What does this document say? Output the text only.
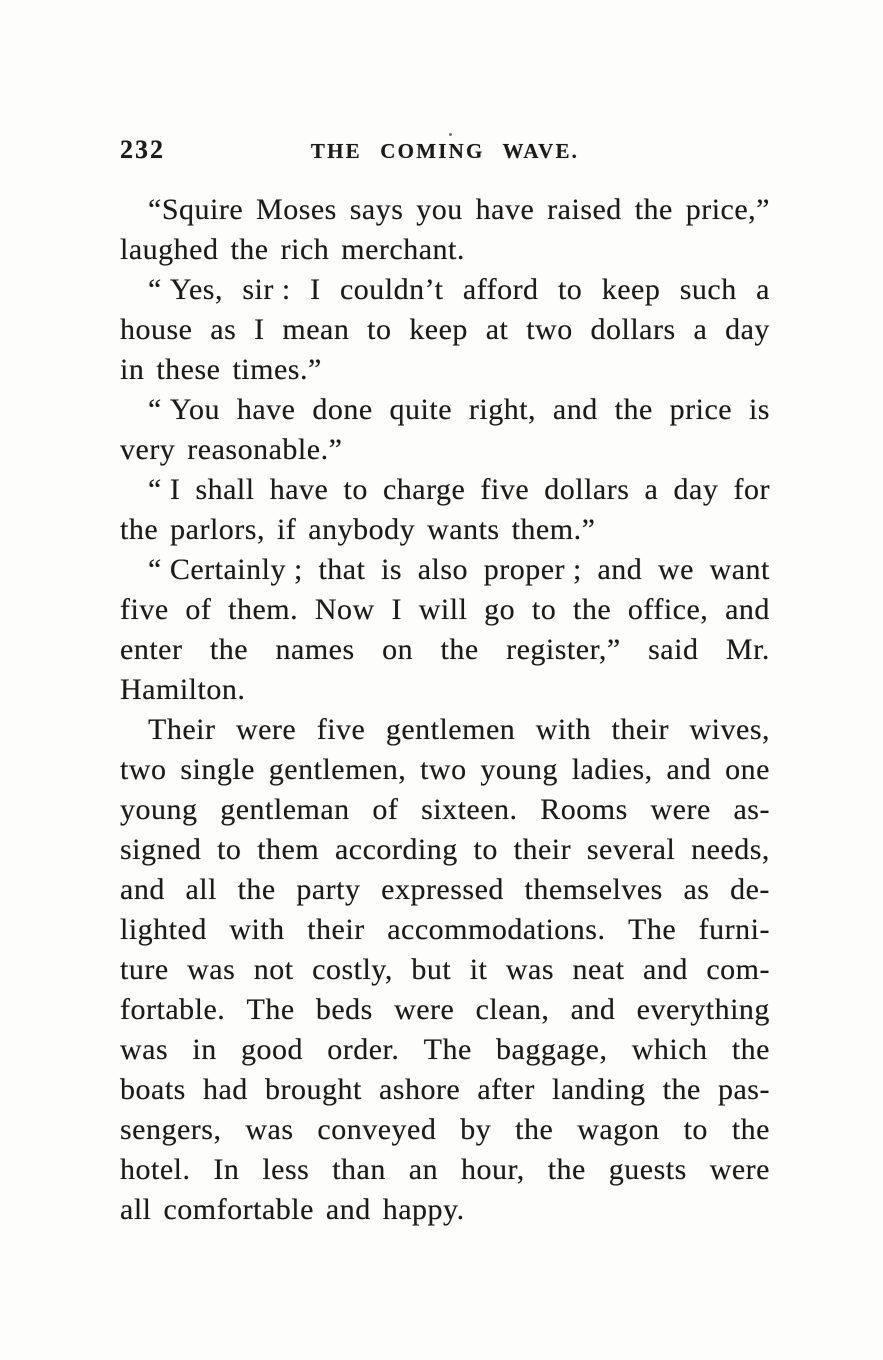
232	THE COMING WAVE.
“Squire Moses says you have raised the price,”
laughed the rich merchant.
“ Yes, sir : I couldn’t afford to keep such a
house as I mean to keep at two dollars a day
in these times.”
“ You have done quite right, and the price is
very reasonable.”
“ I shall have to charge five dollars a day for
the parlors, if anybody wants them.”
“ Certainly ; that is also proper ; and we want
five of them. Now I will go to the office, and
enter the names on the register,” said Mr.
Hamilton.
Their were five gentlemen with their wives,
two single gentlemen, two young ladies, and one
young gentleman of sixteen. Rooms were as-
signed to them according to their several needs,
and all the party expressed themselves as de-
lighted with their accommodations. The furni-
ture was not costly, but it was neat and com-
fortable. The beds were clean, and everything
was in good order. The baggage, which the
boats had brought ashore after landing the pas-
sengers, was conveyed by the wagon to the
hotel. In less than an hour, the guests were
all comfortable and happy.
